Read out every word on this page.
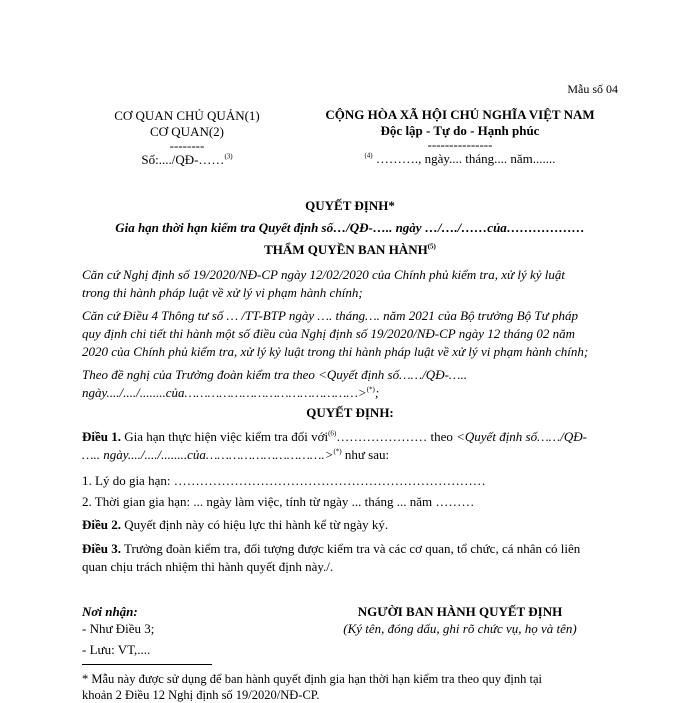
Mẫu số 04
CƠ QUAN CHỦ QUẢN(1)
CƠ QUAN(2)
--------
Số:..../QĐ-……$^{(3)}$
CỘNG HÒA XÃ HỘI CHỦ NGHĨA VIỆT NAM
Độc lập - Tự do - Hạnh phúc
---------------
$^{(4)}$ ………., ngày.... tháng.... năm.......
QUYẾT ĐỊNH*
Gia hạn thời hạn kiểm tra Quyết định số…/QĐ-….. ngày …/…./……của………………
THẨM QUYỀN BAN HÀNH$^{(5)}$
Căn cứ Nghị định số 19/2020/NĐ-CP ngày 12/02/2020 của Chính phủ kiểm tra, xử lý kỷ luật
trong thi hành pháp luật về xử lý vi phạm hành chính;
Căn cứ Điều 4 Thông tư số … /TT-BTP ngày …. tháng…. năm 2021 của Bộ trưởng Bộ Tư pháp
quy định chi tiết thi hành một số điều của Nghị định số 19/2020/NĐ-CP ngày 12 tháng 02 năm
2020 của Chính phủ kiểm tra, xử lý kỷ luật trong thi hành pháp luật về xử lý vi phạm hành chính;
Theo đề nghị của Trưởng đoàn kiểm tra theo <Quyết định số……/QĐ-…..
ngày..../..../........của………………………………………>(*);
QUYẾT ĐỊNH:
Điều 1. Gia hạn thực hiện việc kiểm tra đối với$^{(6)}$………………… theo <Quyết định số……/QĐ-
….. ngày..../..../........của………………………….>(*) như sau:
1. Lý do gia hạn: ………………………………………………………………
2. Thời gian gia hạn: ... ngày làm việc, tính từ ngày ... tháng ... năm ………
Điều 2. Quyết định này có hiệu lực thi hành kể từ ngày ký.
Điều 3. Trưởng đoàn kiểm tra, đối tượng được kiểm tra và các cơ quan, tổ chức, cá nhân có liên
quan chịu trách nhiệm thi hành quyết định này./.
Nơi nhận:
- Như Điều 3;
- Lưu: VT,....
NGƯỜI BAN HÀNH QUYẾT ĐỊNH
(Ký tên, đóng dấu, ghi rõ chức vụ, họ và tên)
* Mẫu này được sử dụng để ban hành quyết định gia hạn thời hạn kiểm tra theo quy định tại
khoản 2 Điều 12 Nghị định số 19/2020/NĐ-CP.
